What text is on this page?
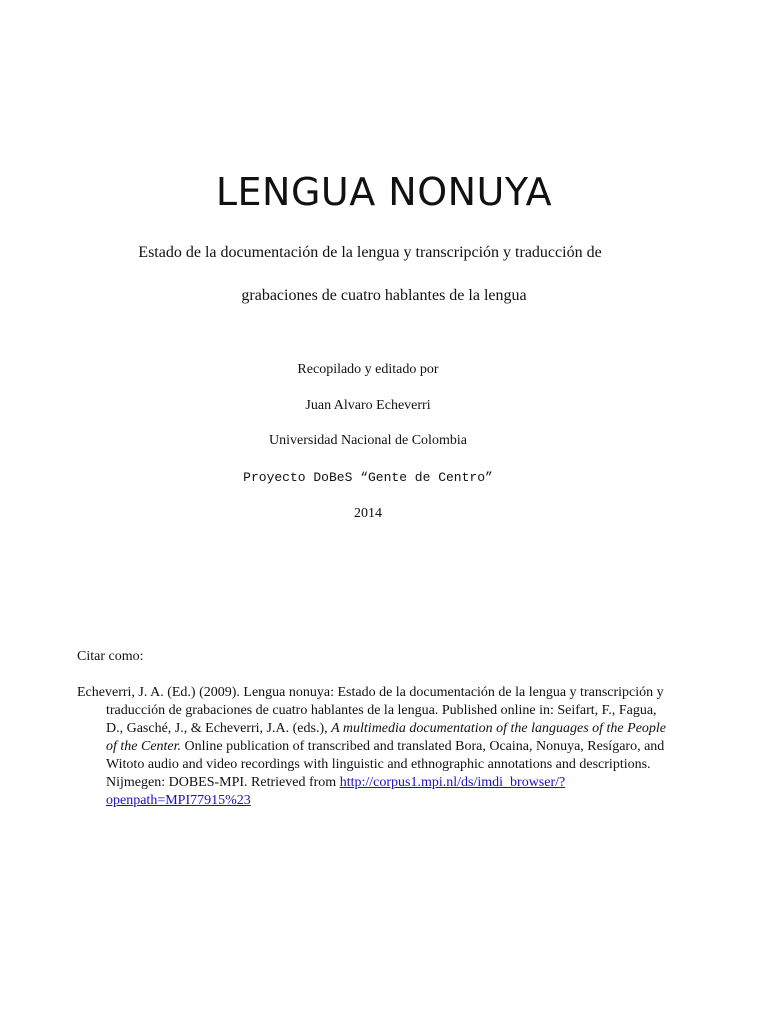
LENGUA NONUYA

Estado de la documentación de la lengua y transcripción y traducción de

grabaciones de cuatro hablantes de la lengua

Recopilado y editado por

Juan Alvaro Echeverri

Universidad Nacional de Colombia

Proyecto DoBeS “Gente de Centro”

2014

Citar como:

Echeverri, J. A. (Ed.) (2009). Lengua nonuya: Estado de la documentación de la lengua y transcripción y traducción de grabaciones de cuatro hablantes de la lengua. Published online in: Seifart, F., Fagua, D., Gasché, J., & Echeverri, J.A. (eds.), A multimedia documentation of the languages of the People of the Center. Online publication of transcribed and translated Bora, Ocaina, Nonuya, Resígaro, and Witoto audio and video recordings with linguistic and ethnographic annotations and descriptions. Nijmegen: DOBES-MPI. Retrieved from http://corpus1.mpi.nl/ds/imdi_browser/?openpath=MPI77915%23
